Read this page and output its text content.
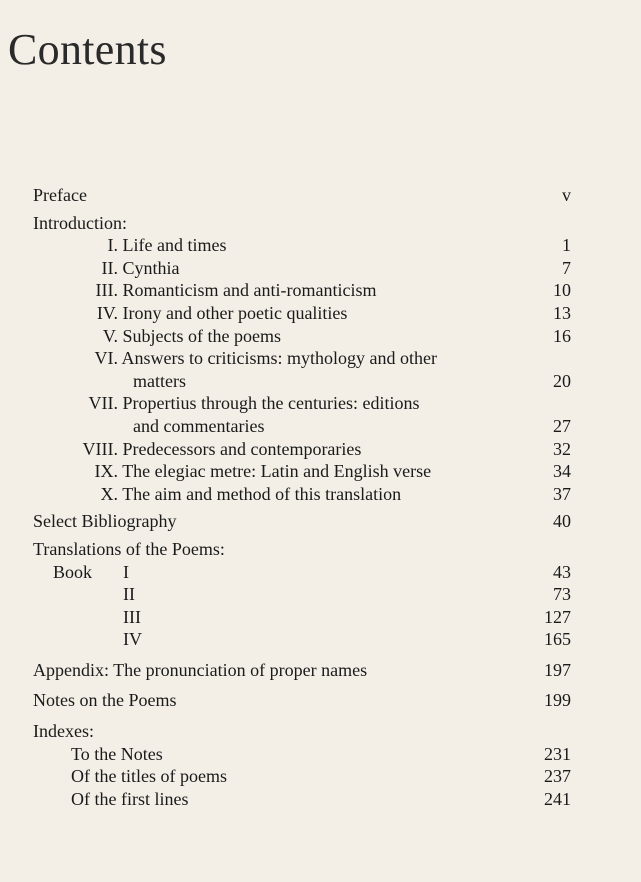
Contents
Preface	v
Introduction:
I. Life and times	1
II. Cynthia	7
III. Romanticism and anti-romanticism	10
IV. Irony and other poetic qualities	13
V. Subjects of the poems	16
VI. Answers to criticisms: mythology and other
matters	20
VII. Propertius through the centuries: editions
and commentaries	27
VIII. Predecessors and contemporaries	32
IX. The elegiac metre: Latin and English verse	34
X. The aim and method of this translation	37
Select Bibliography	40
Translations of the Poems:
Book I	43
II	73
III	127
IV	165
Appendix: The pronunciation of proper names	197
Notes on the Poems	199
Indexes:
To the Notes	231
Of the titles of poems	237
Of the first lines	241
